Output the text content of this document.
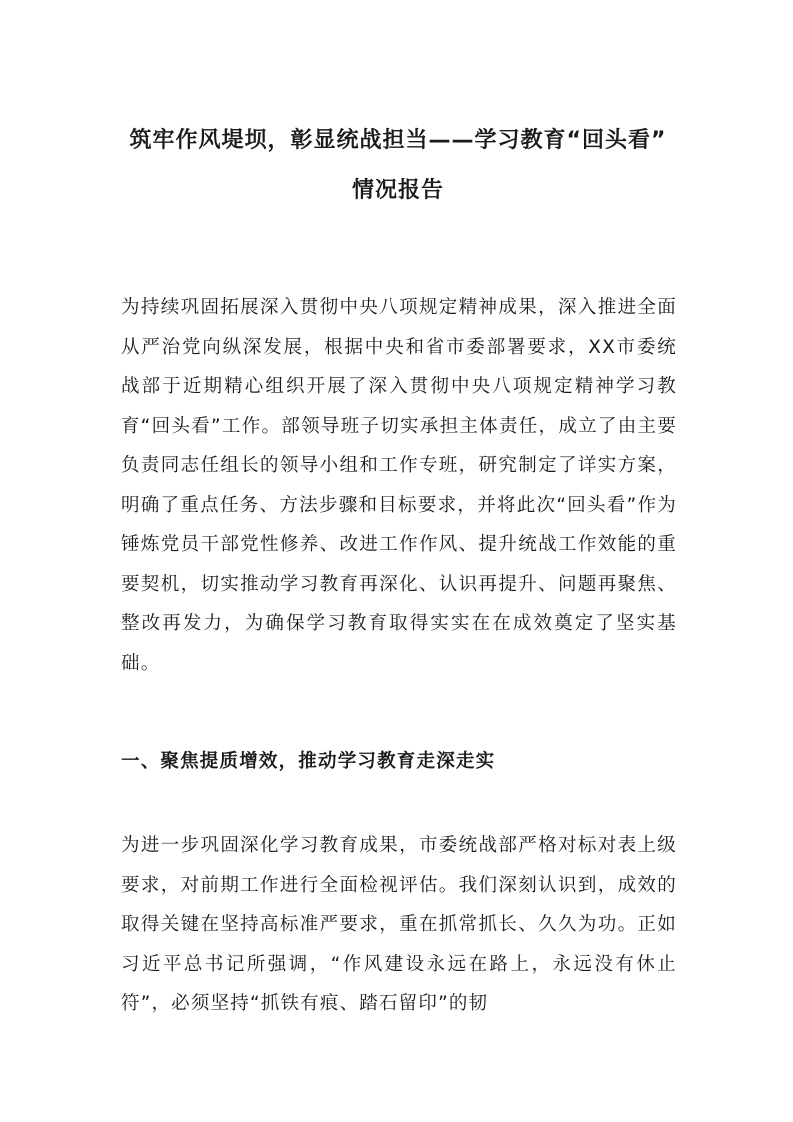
筑牢作风堤坝，彰显统战担当——学习教育“回头看”
情况报告

为持续巩固拓展深入贯彻中央八项规定精神成果，深入推进全面从严治党向纵深发展，根据中央和省市委部署要求，XX市委统战部于近期精心组织开展了深入贯彻中央八项规定精神学习教育“回头看”工作。部领导班子切实承担主体责任，成立了由主要负责同志任组长的领导小组和工作专班，研究制定了详实方案，明确了重点任务、方法步骤和目标要求，并将此次“回头看”作为锤炼党员干部党性修养、改进工作作风、提升统战工作效能的重要契机，切实推动学习教育再深化、认识再提升、问题再聚焦、整改再发力，为确保学习教育取得实实在在成效奠定了坚实基础。

一、聚焦提质增效，推动学习教育走深走实

为进一步巩固深化学习教育成果，市委统战部严格对标对表上级要求，对前期工作进行全面检视评估。我们深刻认识到，成效的取得关键在坚持高标准严要求，重在抓常抓长、久久为功。正如习近平总书记所强调，“作风建设永远在路上，永远没有休止符”，必须坚持“抓铁有痕、踏石留印”的韧
